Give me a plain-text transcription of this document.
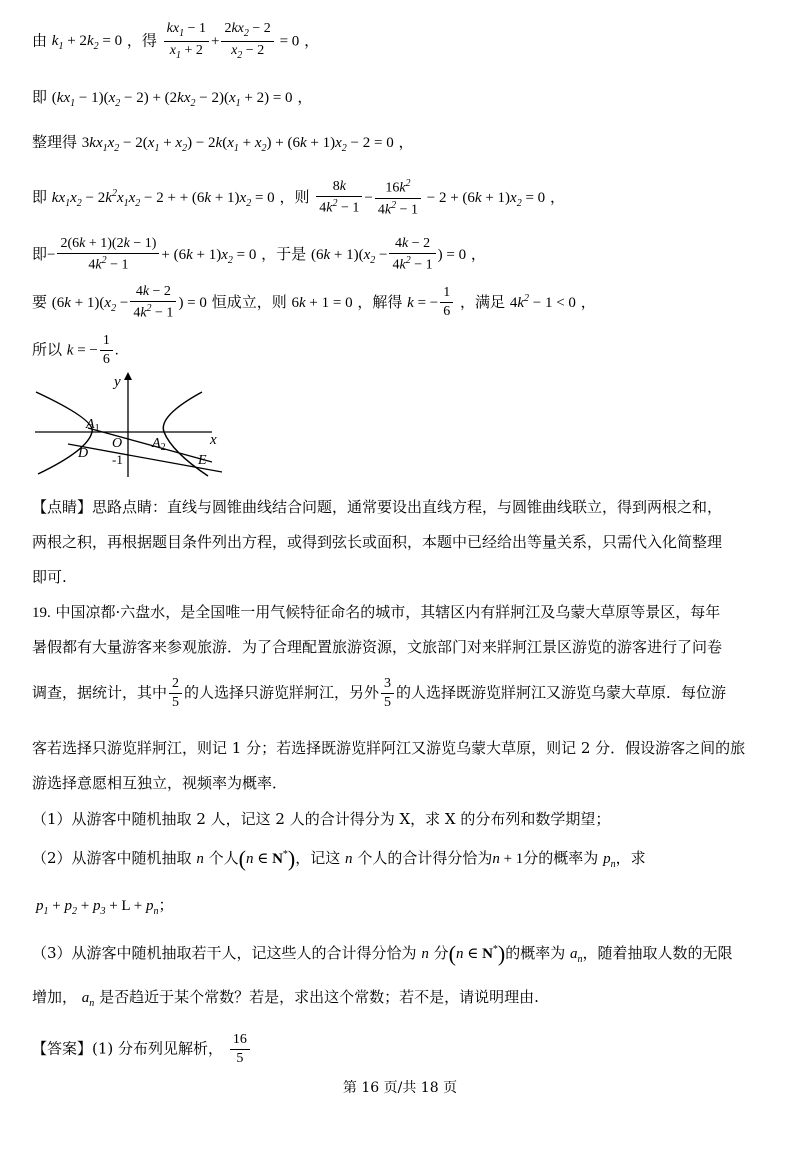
由 $k_1 + 2k_2 = 0$ ，得 $\frac{kx_1 - 1}{x_1 + 2} + \frac{2kx_2 - 2}{x_2 - 2} = 0$ ，
即 $(kx_1 - 1)(x_2 - 2) + (2kx_2 - 2)(x_1 + 2) = 0$ ，
整理得 $3kx_1x_2 - 2(x_1 + x_2) - 2k(x_1 + x_2) + (6k + 1)x_2 - 2 = 0$ ，
即 $kx_1x_2 - 2k^2x_1x_2 - 2$ + + $(6k + 1)x_2 = 0$ ，则 $\frac{8k}{4k^2 - 1} - \frac{16k^2}{4k^2 - 1} - 2 + (6k + 1)x_2 = 0$ ，
即− $\frac{2(6k + 1)(2k - 1)}{4k^2 - 1} + (6k + 1)x_2 = 0$ ，于是 $(6k + 1)(x_2 - \frac{4k - 2}{4k^2 - 1}$ ) = 0 ，
要 $(6k + 1)(x_2 - \frac{4k - 2}{4k^2 - 1}$ ) = 0 恒成立，则 6k + 1 = 0 ，解得 k = − $\frac{1}{6}$ ，满足 $4k^2 - 1 < 0$ ，
所以 k = − $\frac{1}{6}$ .
y
x
$A_1$
$A_2$
O
D	E
-1
【点睛】思路点睛：直线与圆锥曲线结合问题，通常要设出直线方程，与圆锥曲线联立，得到两根之和，
两根之积，再根据题目条件列出方程，或得到弦长或面积，本题中已经给出等量关系，只需代入化简整理
即可.
19. 中国凉都·六盘水，是全国唯一用气候特征命名的城市，其辖区内有牂牁江及乌蒙大草原等景区，每年
暑假都有大量游客来参观旅游．为了合理配置旅游资源，文旅部门对来牂牁江景区游览的游客进行了问卷
调查，据统计，其中 $\frac{2}{5}$ 的人选择只游览牂牁江，另外 $\frac{3}{5}$ 的人选择既游览牂牁江又游览乌蒙大草原．每位游
客若选择只游览牂牁江，则记 1 分；若选择既游览牂阿江又游览乌蒙大草原，则记 2 分．假设游客之间的旅
游选择意愿相互独立，视频率为概率．
（1）从游客中随机抽取 2 人，记这 2 人的合计得分为 X，求 X 的分布列和数学期望；
（2）从游客中随机抽取 n 个人(n ∈ N*)，记这 n 个人的合计得分恰为n + 1分的概率为 $p_n$，求
$p_1 + p_2 + p_3 + L + p_n$；
（3）从游客中随机抽取若干人，记这些人的合计得分恰为 n 分(n ∈ N*)的概率为 $a_n$，随着抽取人数的无限
增加， $a_n$ 是否趋近于某个常数？若是，求出这个常数；若不是，请说明理由.
【答案】(1) 分布列见解析， $\frac{16}{5}$
第 16 页/共 18 页
